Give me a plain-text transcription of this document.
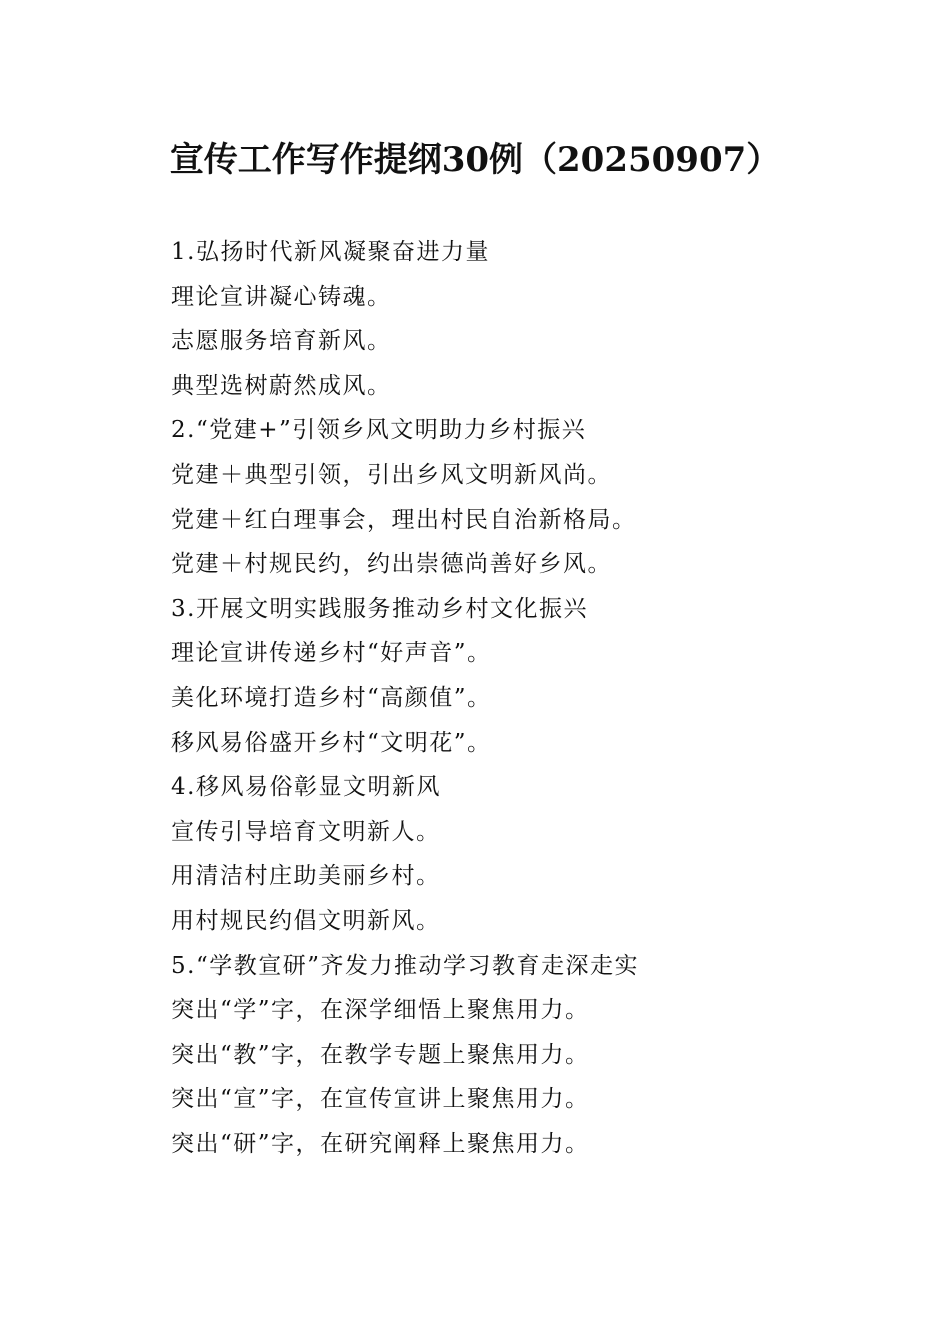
宣传工作写作提纲30例（20250907）

1.弘扬时代新风凝聚奋进力量

理论宣讲凝心铸魂。

志愿服务培育新风。

典型选树蔚然成风。

2.“党建+”引领乡风文明助力乡村振兴

党建＋典型引领，引出乡风文明新风尚。

党建＋红白理事会，理出村民自治新格局。

党建＋村规民约，约出崇德尚善好乡风。

3.开展文明实践服务推动乡村文化振兴

理论宣讲传递乡村“好声音”。

美化环境打造乡村“高颜值”。

移风易俗盛开乡村“文明花”。

4.移风易俗彰显文明新风

宣传引导培育文明新人。

用清洁村庄助美丽乡村。

用村规民约倡文明新风。

5.“学教宣研”齐发力推动学习教育走深走实

突出“学”字，在深学细悟上聚焦用力。

突出“教”字，在教学专题上聚焦用力。

突出“宣”字，在宣传宣讲上聚焦用力。

突出“研”字，在研究阐释上聚焦用力。
